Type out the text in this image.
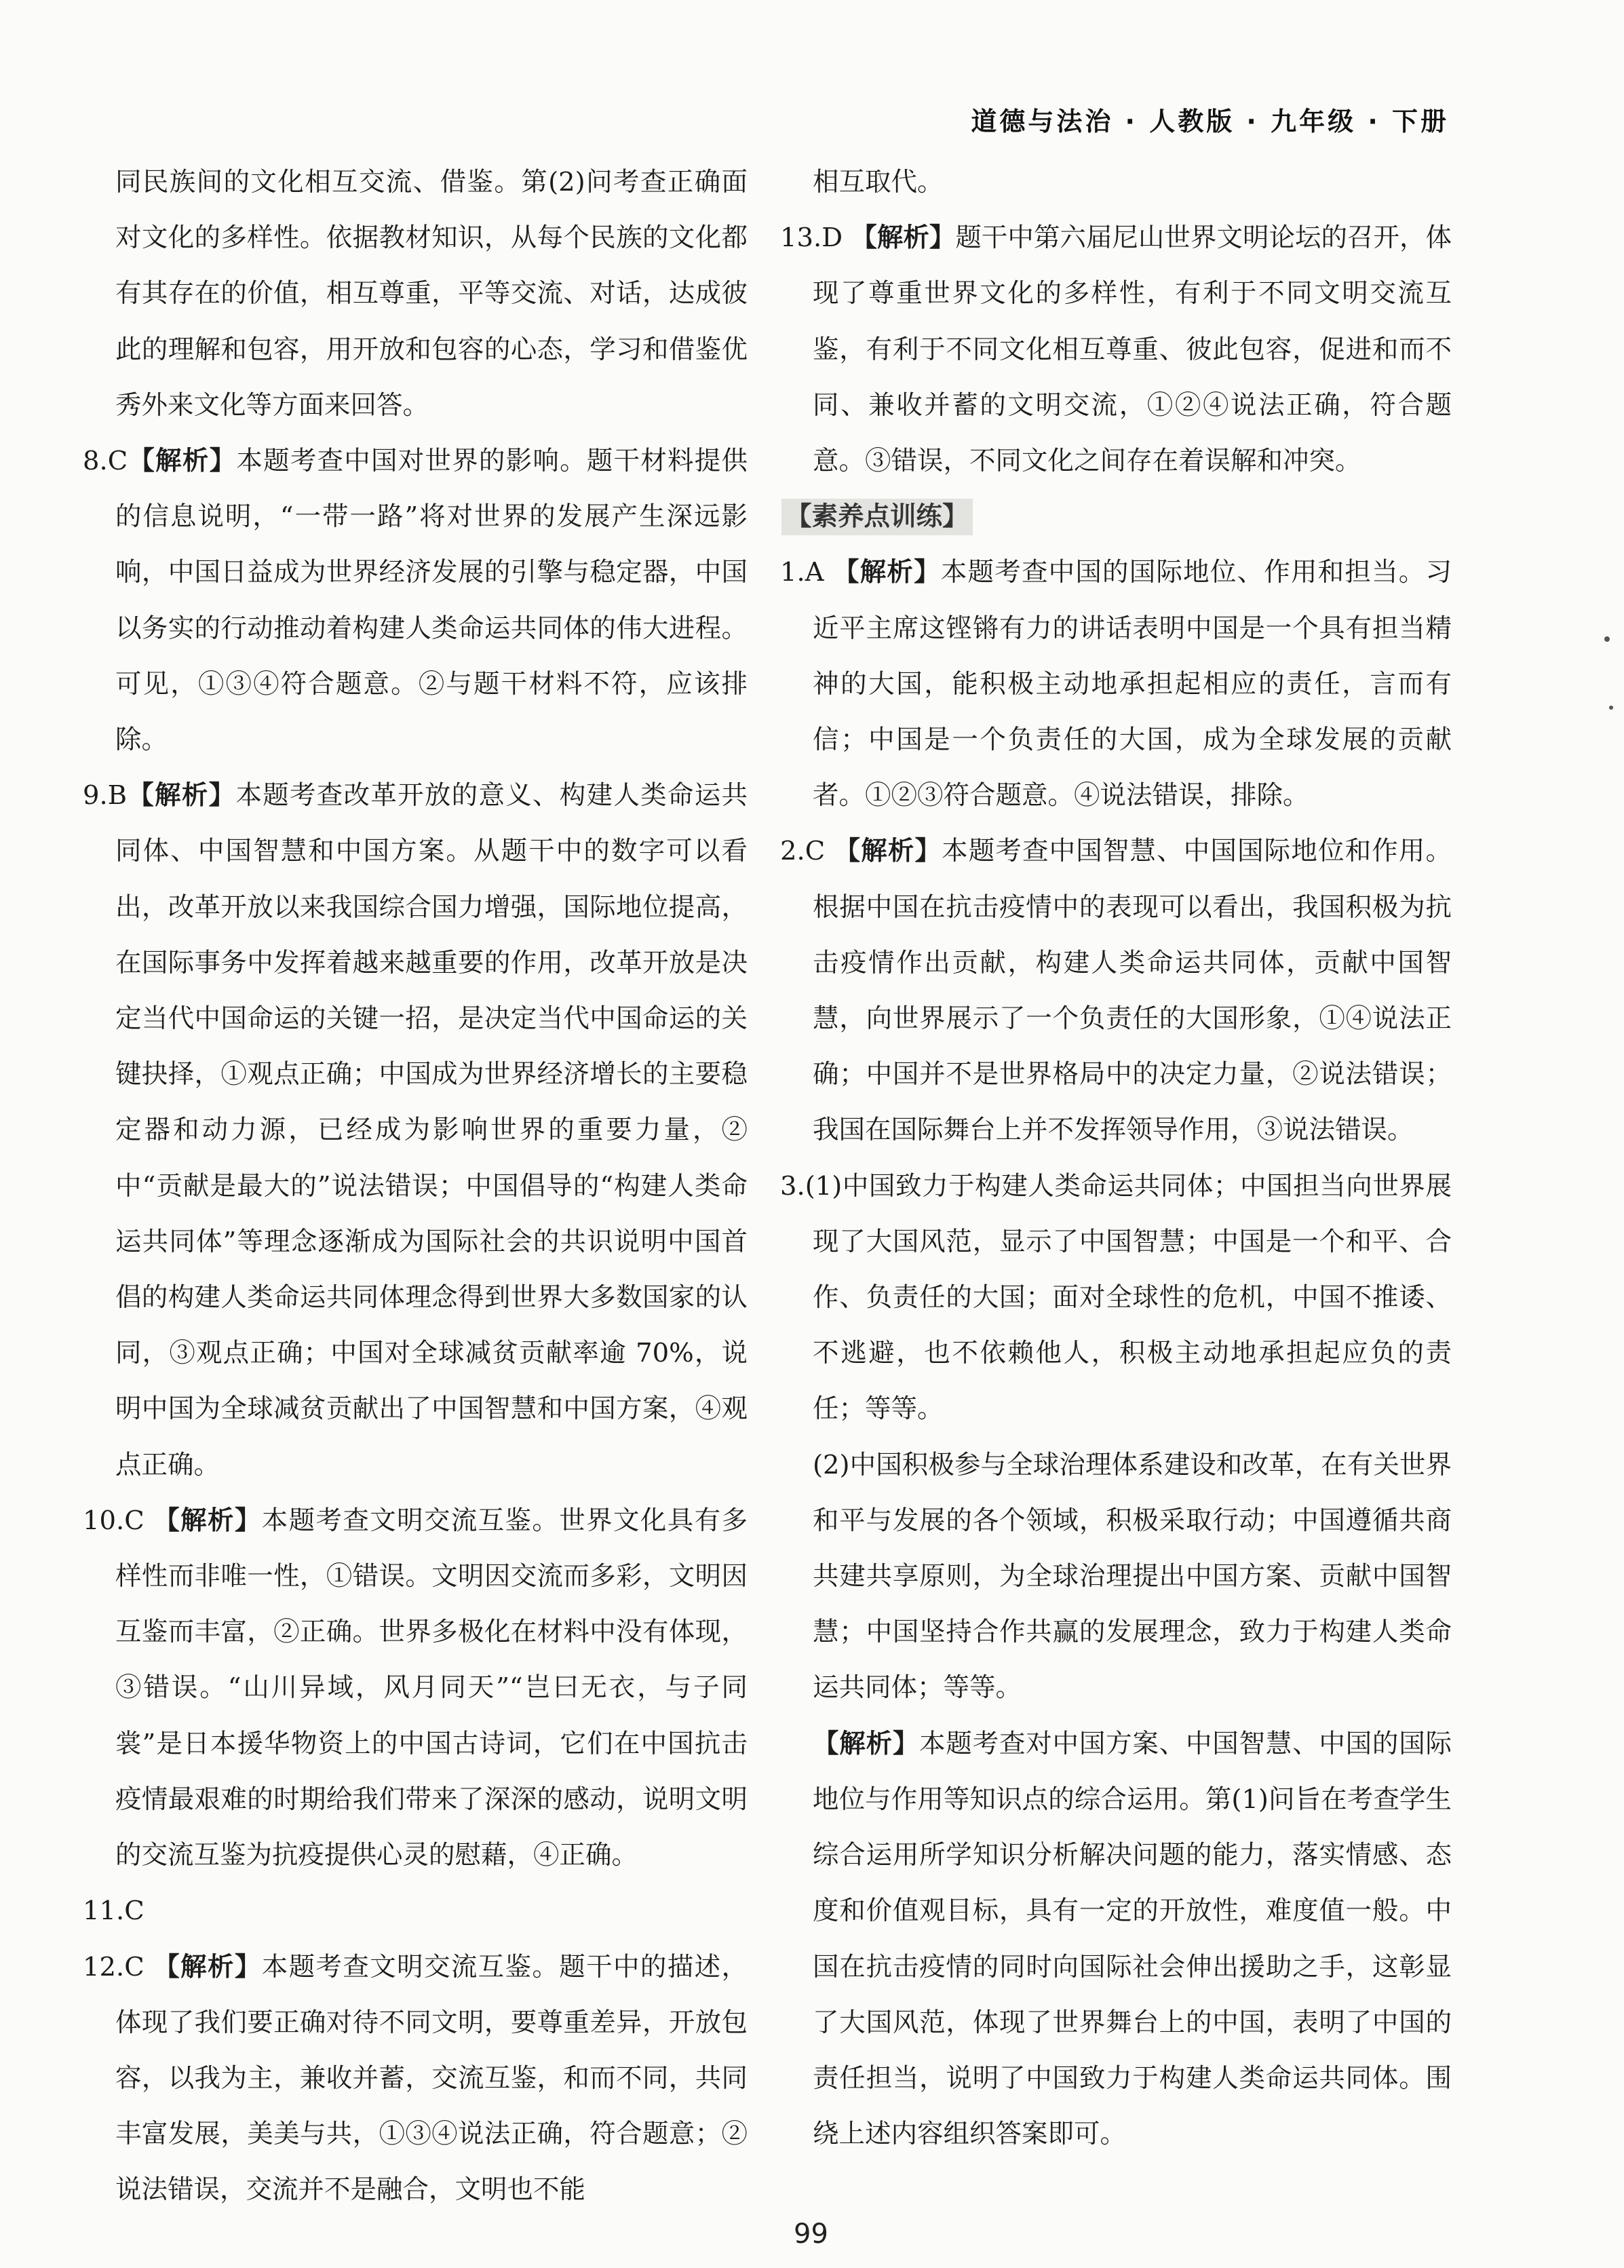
道德与法治 · 人教版 · 九年级 · 下册

同民族间的文化相互交流、借鉴。第(2)问考查正确面对文化的多样性。依据教材知识，从每个民族的文化都有其存在的价值，相互尊重，平等交流、对话，达成彼此的理解和包容，用开放和包容的心态，学习和借鉴优秀外来文化等方面来回答。

8.C【解析】本题考查中国对世界的影响。题干材料提供的信息说明，“一带一路”将对世界的发展产生深远影响，中国日益成为世界经济发展的引擎与稳定器，中国以务实的行动推动着构建人类命运共同体的伟大进程。可见，①③④符合题意。②与题干材料不符，应该排除。

9.B【解析】本题考查改革开放的意义、构建人类命运共同体、中国智慧和中国方案。从题干中的数字可以看出，改革开放以来我国综合国力增强，国际地位提高，在国际事务中发挥着越来越重要的作用，改革开放是决定当代中国命运的关键一招，是决定当代中国命运的关键抉择，①观点正确；中国成为世界经济增长的主要稳定器和动力源，已经成为影响世界的重要力量，②中“贡献是最大的”说法错误；中国倡导的“构建人类命运共同体”等理念逐渐成为国际社会的共识说明中国首倡的构建人类命运共同体理念得到世界大多数国家的认同，③观点正确；中国对全球减贫贡献率逾 70%，说明中国为全球减贫贡献出了中国智慧和中国方案，④观点正确。

10.C 【解析】本题考查文明交流互鉴。世界文化具有多样性而非唯一性，①错误。文明因交流而多彩，文明因互鉴而丰富，②正确。世界多极化在材料中没有体现，③错误。“山川异域，风月同天”“岂曰无衣，与子同裳”是日本援华物资上的中国古诗词，它们在中国抗击疫情最艰难的时期给我们带来了深深的感动，说明文明的交流互鉴为抗疫提供心灵的慰藉，④正确。

11.C

12.C 【解析】本题考查文明交流互鉴。题干中的描述，体现了我们要正确对待不同文明，要尊重差异，开放包容，以我为主，兼收并蓄，交流互鉴，和而不同，共同丰富发展，美美与共，①③④说法正确，符合题意；②说法错误，交流并不是融合，文明也不能

相互取代。

13.D 【解析】题干中第六届尼山世界文明论坛的召开，体现了尊重世界文化的多样性，有利于不同文明交流互鉴，有利于不同文化相互尊重、彼此包容，促进和而不同、兼收并蓄的文明交流，①②④说法正确，符合题意。③错误，不同文化之间存在着误解和冲突。

【素养点训练】

1.A 【解析】本题考查中国的国际地位、作用和担当。习近平主席这铿锵有力的讲话表明中国是一个具有担当精神的大国，能积极主动地承担起相应的责任，言而有信；中国是一个负责任的大国，成为全球发展的贡献者。①②③符合题意。④说法错误，排除。

2.C 【解析】本题考查中国智慧、中国国际地位和作用。根据中国在抗击疫情中的表现可以看出，我国积极为抗击疫情作出贡献，构建人类命运共同体，贡献中国智慧，向世界展示了一个负责任的大国形象，①④说法正确；中国并不是世界格局中的决定力量，②说法错误；我国在国际舞台上并不发挥领导作用，③说法错误。

3.(1)中国致力于构建人类命运共同体；中国担当向世界展现了大国风范，显示了中国智慧；中国是一个和平、合作、负责任的大国；面对全球性的危机，中国不推诿、不逃避，也不依赖他人，积极主动地承担起应负的责任；等等。

(2)中国积极参与全球治理体系建设和改革，在有关世界和平与发展的各个领域，积极采取行动；中国遵循共商共建共享原则，为全球治理提出中国方案、贡献中国智慧；中国坚持合作共赢的发展理念，致力于构建人类命运共同体；等等。

【解析】本题考查对中国方案、中国智慧、中国的国际地位与作用等知识点的综合运用。第(1)问旨在考查学生综合运用所学知识分析解决问题的能力，落实情感、态度和价值观目标，具有一定的开放性，难度值一般。中国在抗击疫情的同时向国际社会伸出援助之手，这彰显了大国风范，体现了世界舞台上的中国，表明了中国的责任担当，说明了中国致力于构建人类命运共同体。围绕上述内容组织答案即可。

99
